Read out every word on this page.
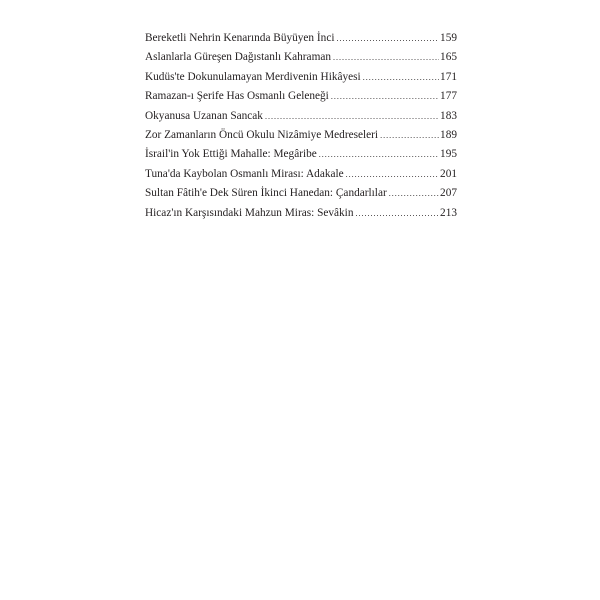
Bereketli Nehrin Kenarında Büyüyen İnci .....	159
Aslanlarla Güreşen Dağıstanlı Kahraman .....	165
Kudüs'te Dokunulamayan Merdivenin Hikâyesi .....	171
Ramazan-ı Şerife Has Osmanlı Geleneği .....	177
Okyanusa Uzanan Sancak .....	183
Zor Zamanların Öncü Okulu Nizâmiye Medreseleri .....	189
İsrail'in Yok Ettiği Mahalle: Megâribe .....	195
Tuna'da Kaybolan Osmanlı Mirası: Adakale .....	201
Sultan Fâtih'e Dek Süren İkinci Hanedan: Çandarlılar .....	207
Hicaz'ın Karşısındaki Mahzun Miras: Sevâkin .....	213
